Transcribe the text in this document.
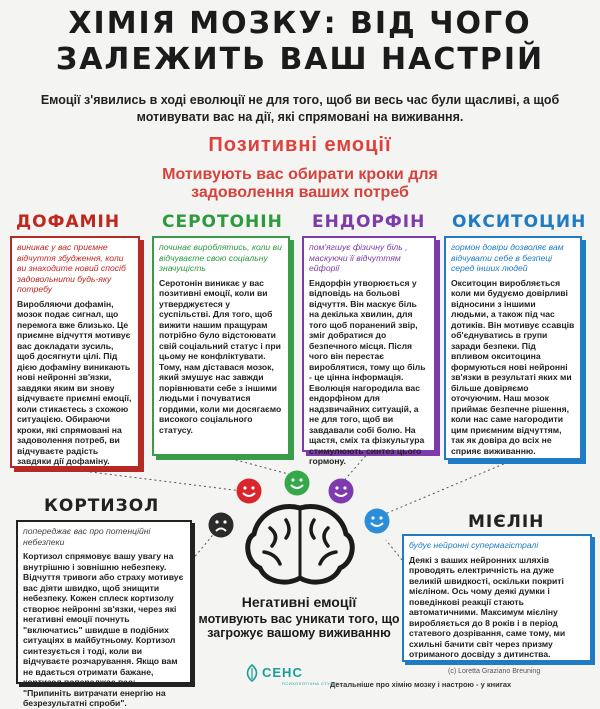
ХІМІЯ МОЗКУ: ВІД ЧОГО
ЗАЛЕЖИТЬ ВАШ НАСТРІЙ
Емоції з'явились в ході еволюції не для того, щоб ви весь час були щасливі, а щоб мотивувати вас на дії, які спрямовані на виживання.
Позитивні емоції
Мотивують вас обирати кроки для задоволення ваших потреб
ДОФАМІН СЕРОТОНІН ЕНДОРФІН ОКСИТОЦИН
виникає у вас приємне відчуття збудження, коли ви знаходите новий спосіб задовольнити будь-яку потребу
Виробляючи дофамін, мозок подає сигнал, що перемога вже близько. Це приємне відчуття мотивує вас докладати зусиль, щоб досягнути цілі. Під дією дофаміну виникають нові нейронні зв'язки, завдяки яким ви знову відчуваєте приємні емоції, коли стикаєтесь з схожою ситуацією. Обираючи кроки, які спрямовані на задоволення потреб, ви відчуваєте радість завдяки дії дофаміну.
починає вироблятись, коли ви відчуваєте свою соціальну значущість
Серотонін виникає у вас позитивні емоції, коли ви утверджуєтеся у суспільстві. Для того, щоб вижити нашим пращурам потрібно було відстоювати свій соціальний статус і при цьому не конфліктувати. Тому, нам діставася мозок, який змушує нас завжди порівнювати себе з іншими людьми і почуватися гордими, коли ми досягаємо високого соціального статусу.
пом'ягшує фізичну біль , маскуючи її відчуттям ейфорії
Ендорфін утворюється у відповідь на больові відчуття. Він маскує біль на декілька хвилин, для того щоб поранений звір, зміг добратися до безпечного місця. Після чого він перестає вироблятися, тому що біль - це цінна інформація. Еволюція нагородила вас ендорфіном для надзвичайних ситуацій, а не для того, щоб ви завдавали собі болю. На щастя, сміх та фізкультура стимулюють синтез цього гормону.
гормон довіри дозволяє вам відчувати себе в безпеці серед інших людей
Окситоцин виробляється коли ми будуємо довірливі відносини з іншими людьми, а також під час дотиків. Він мотивує ссавців об'єднуватись в групи заради безпеки. Під впливом окситоцина формуються нові нейронні зв'язки в результаті яких ми більше довіряємо оточуючим. Наш мозок приймає безпечне рішення, коли нас саме нагородити цим приємним відчуттям, так як довіра до всіх не сприяє виживанню.
КОРТИЗОЛ
попереджає вас про потенційні небезпеки
Кортизол спрямовує вашу увагу на внутрішню і зовнішню небезпеку. Відчуття тривоги або страху мотивує вас діяти швидко, щоб знищити небезпеку. Кожен сплеск кортизолу створює нейронні зв'язки, через які негативні емоції почнуть "включатись" швидше в подібних ситуаціях в майбутньому. Кортизол синтезується і тоді, коли ви відчуваєте розчарування. Якщо вам не вдається отримати бажане, кортизол попереджає вас: "Припиніть витрачати енергію на безрезультатні спроби".
МІЄЛІН
будує нейронні супермагістралі
Деякі з ваших нейронних шляхів проводять електричність на дуже великій швидкості, оскільки покриті мієліном. Ось чому деякі думки і поведінкові реакції стають автоматичними. Максимум мієліну виробляється до 8 років і в період статевого дозрівання, саме тому, ми схильні бачити світ через призму отриманого досвіду з дитинства.
Негативні емоції
мотивують вас уникати того, що загрожує вашому виживанню
СЕНС
ПСИХОЛОГІЧНА СТУДІЯ
(c) Loretta Graziano Breuning
Детальніше про хімію мозку і настрою - у книгах
